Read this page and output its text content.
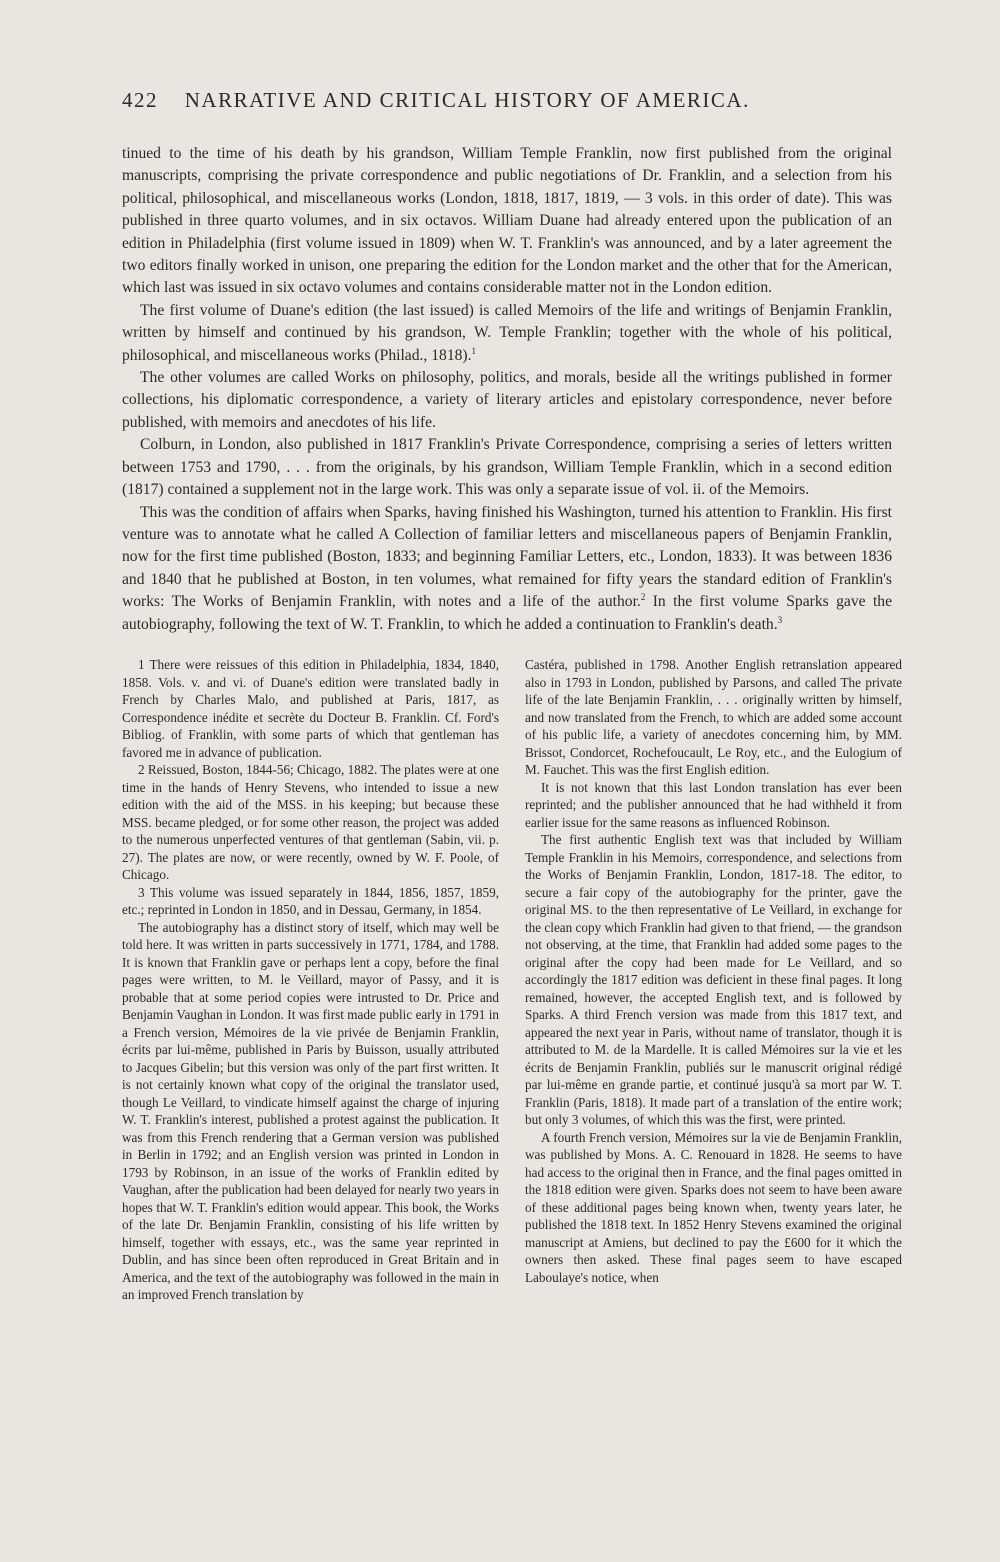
422 NARRATIVE AND CRITICAL HISTORY OF AMERICA.

tinued to the time of his death by his grandson, William Temple Franklin, now first published from the original manuscripts, comprising the private correspondence and public negotiations of Dr. Franklin, and a selection from his political, philosophical, and miscellaneous works (London, 1818, 1817, 1819, — 3 vols. in this order of date). This was published in three quarto volumes, and in six octavos. William Duane had already entered upon the publication of an edition in Philadelphia (first volume issued in 1809) when W. T. Franklin's was announced, and by a later agreement the two editors finally worked in unison, one preparing the edition for the London market and the other that for the American, which last was issued in six octavo volumes and contains considerable matter not in the London edition.

The first volume of Duane's edition (the last issued) is called Memoirs of the life and writings of Benjamin Franklin, written by himself and continued by his grandson, W. Temple Franklin; together with the whole of his political, philosophical, and miscellaneous works (Philad., 1818).$^1$

The other volumes are called Works on philosophy, politics, and morals, beside all the writings published in former collections, his diplomatic correspondence, a variety of literary articles and epistolary correspondence, never before published, with memoirs and anecdotes of his life.

Colburn, in London, also published in 1817 Franklin's Private Correspondence, comprising a series of letters written between 1753 and 1790, . . . from the originals, by his grandson, William Temple Franklin, which in a second edition (1817) contained a supplement not in the large work. This was only a separate issue of vol. ii. of the Memoirs.

This was the condition of affairs when Sparks, having finished his Washington, turned his attention to Franklin. His first venture was to annotate what he called A Collection of familiar letters and miscellaneous papers of Benjamin Franklin, now for the first time published (Boston, 1833; and beginning Familiar Letters, etc., London, 1833). It was between 1836 and 1840 that he published at Boston, in ten volumes, what remained for fifty years the standard edition of Franklin's works: The Works of Benjamin Franklin, with notes and a life of the author.$^2$ In the first volume Sparks gave the autobiography, following the text of W. T. Franklin, to which he added a continuation to Franklin's death.$^3$

1 There were reissues of this edition in Philadelphia, 1834, 1840, 1858. Vols. v. and vi. of Duane's edition were translated badly in French by Charles Malo, and published at Paris, 1817, as Correspondence inédite et secrète du Docteur B. Franklin. Cf. Ford's Bibliog. of Franklin, with some parts of which that gentleman has favored me in advance of publication.

2 Reissued, Boston, 1844-56; Chicago, 1882. The plates were at one time in the hands of Henry Stevens, who intended to issue a new edition with the aid of the MSS. in his keeping; but because these MSS. became pledged, or for some other reason, the project was added to the numerous unperfected ventures of that gentleman (Sabin, vii. p. 27). The plates are now, or were recently, owned by W. F. Poole, of Chicago.

3 This volume was issued separately in 1844, 1856, 1857, 1859, etc.; reprinted in London in 1850, and in Dessau, Germany, in 1854.

The autobiography has a distinct story of itself, which may well be told here. It was written in parts successively in 1771, 1784, and 1788. It is known that Franklin gave or perhaps lent a copy, before the final pages were written, to M. le Veillard, mayor of Passy, and it is probable that at some period copies were intrusted to Dr. Price and Benjamin Vaughan in London. It was first made public early in 1791 in a French version, Mémoires de la vie privée de Benjamin Franklin, écrits par lui-même, published in Paris by Buisson, usually attributed to Jacques Gibelin; but this version was only of the part first written. It is not certainly known what copy of the original the translator used, though Le Veillard, to vindicate himself against the charge of injuring W. T. Franklin's interest, published a protest against the publication. It was from this French rendering that a German version was published in Berlin in 1792; and an English version was printed in London in 1793 by Robinson, in an issue of the works of Franklin edited by Vaughan, after the publication had been delayed for nearly two years in hopes that W. T. Franklin's edition would appear. This book, the Works of the late Dr. Benjamin Franklin, consisting of his life written by himself, together with essays, etc., was the same year reprinted in Dublin, and has since been often reproduced in Great Britain and in America, and the text of the autobiography was followed in the main in an improved French translation by

Castéra, published in 1798. Another English retranslation appeared also in 1793 in London, published by Parsons, and called The private life of the late Benjamin Franklin, . . . originally written by himself, and now translated from the French, to which are added some account of his public life, a variety of anecdotes concerning him, by MM. Brissot, Condorcet, Rochefoucault, Le Roy, etc., and the Eulogium of M. Fauchet. This was the first English edition.

It is not known that this last London translation has ever been reprinted; and the publisher announced that he had withheld it from earlier issue for the same reasons as influenced Robinson.

The first authentic English text was that included by William Temple Franklin in his Memoirs, correspondence, and selections from the Works of Benjamin Franklin, London, 1817-18. The editor, to secure a fair copy of the autobiography for the printer, gave the original MS. to the then representative of Le Veillard, in exchange for the clean copy which Franklin had given to that friend, — the grandson not observing, at the time, that Franklin had added some pages to the original after the copy had been made for Le Veillard, and so accordingly the 1817 edition was deficient in these final pages. It long remained, however, the accepted English text, and is followed by Sparks. A third French version was made from this 1817 text, and appeared the next year in Paris, without name of translator, though it is attributed to M. de la Mardelle. It is called Mémoires sur la vie et les écrits de Benjamin Franklin, publiés sur le manuscrit original rédigé par lui-même en grande partie, et continué jusqu'à sa mort par W. T. Franklin (Paris, 1818). It made part of a translation of the entire work; but only 3 volumes, of which this was the first, were printed.

A fourth French version, Mémoires sur la vie de Benjamin Franklin, was published by Mons. A. C. Renouard in 1828. He seems to have had access to the original then in France, and the final pages omitted in the 1818 edition were given. Sparks does not seem to have been aware of these additional pages being known when, twenty years later, he published the 1818 text. In 1852 Henry Stevens examined the original manuscript at Amiens, but declined to pay the £600 for it which the owners then asked. These final pages seem to have escaped Laboulaye's notice, when
